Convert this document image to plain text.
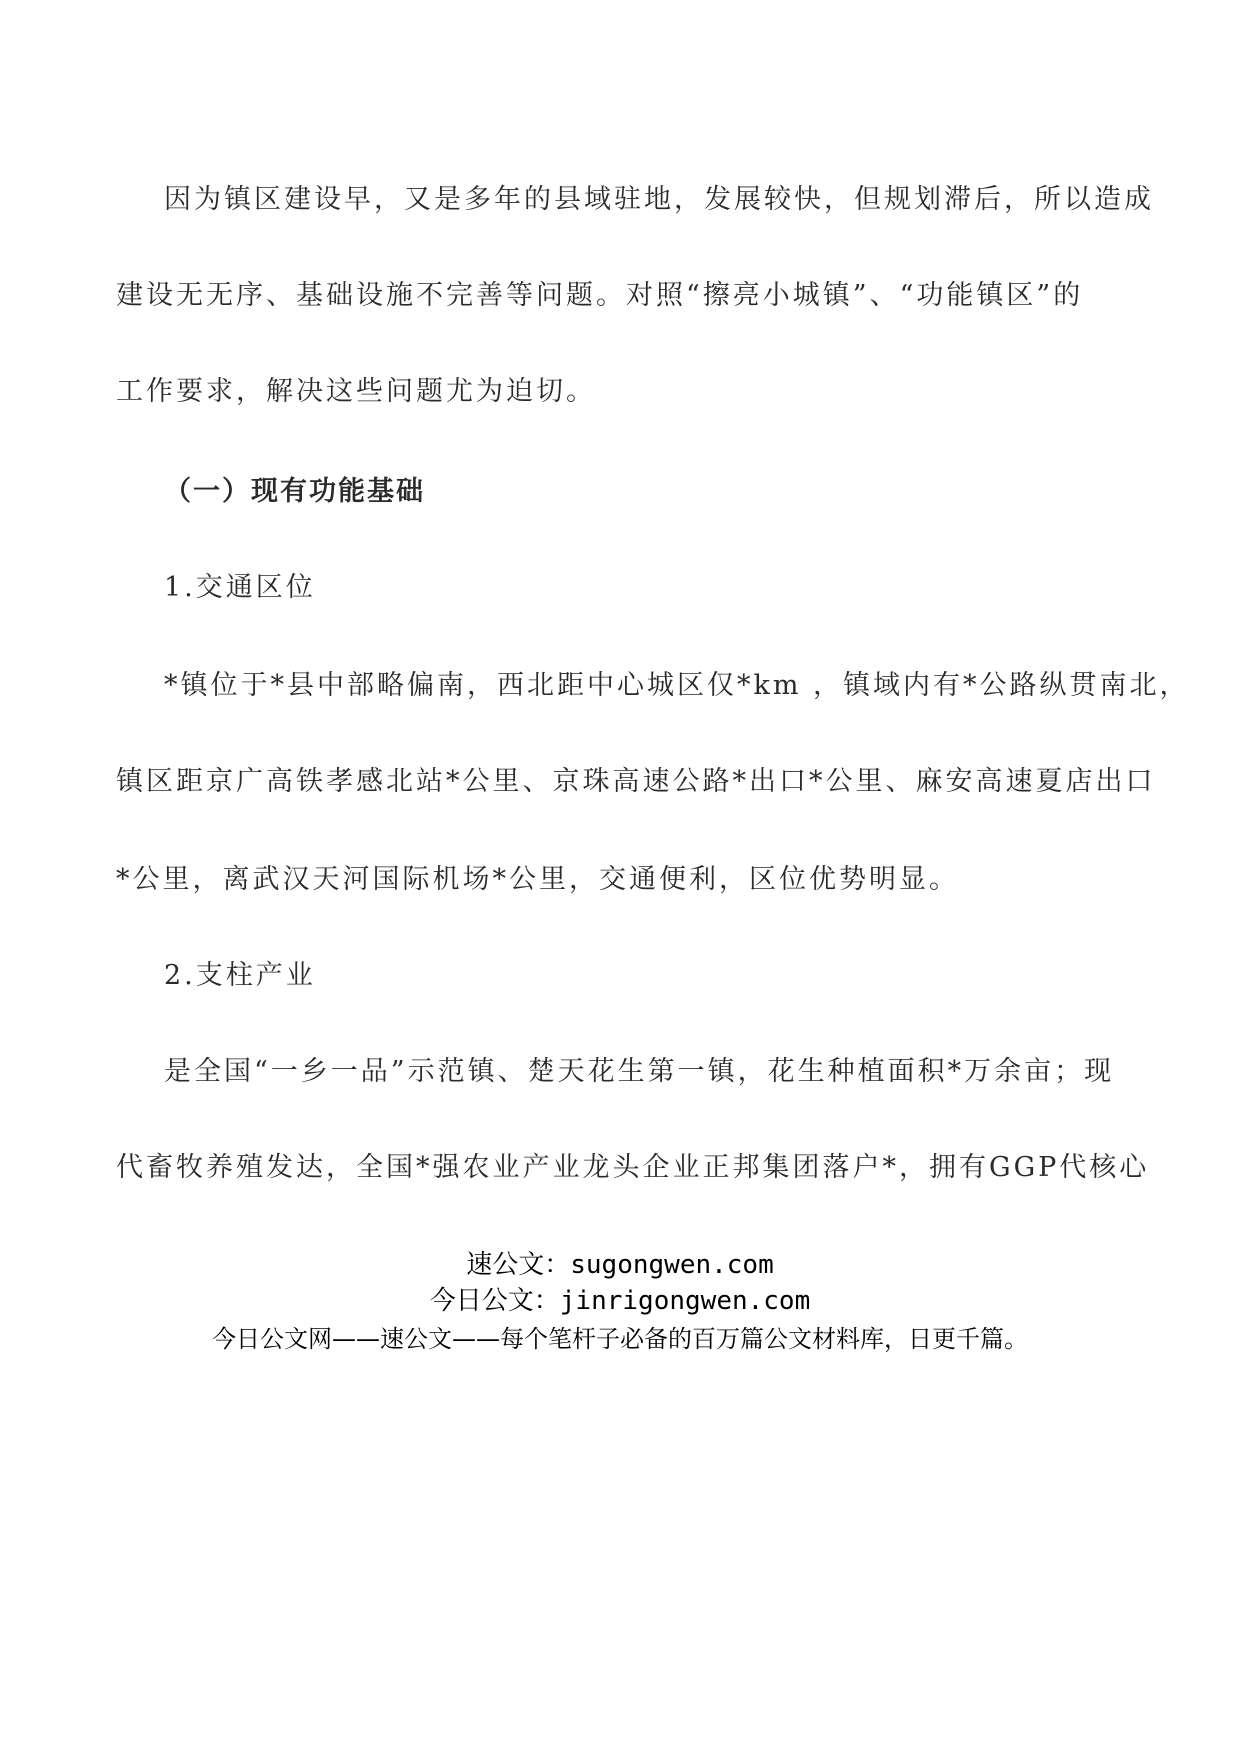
因为镇区建设早，又是多年的县域驻地，发展较快，但规划滞后，所以造成
建设无无序、基础设施不完善等问题。对照“擦亮小城镇”、“功能镇区”的
工作要求，解决这些问题尤为迫切。
（一）现有功能基础
1.交通区位
*镇位于*县中部略偏南，西北距中心城区仅*km ，镇域内有*公路纵贯南北，
镇区距京广高铁孝感北站*公里、京珠高速公路*出口*公里、麻安高速夏店出口
*公里，离武汉天河国际机场*公里，交通便利，区位优势明显。
2.支柱产业
是全国“一乡一品”示范镇、楚天花生第一镇，花生种植面积*万余亩；现
代畜牧养殖发达，全国*强农业产业龙头企业正邦集团落户*，拥有GGP代核心
速公文：sugongwen.com
今日公文：jinrigongwen.com
今日公文网——速公文——每个笔杆子必备的百万篇公文材料库，日更千篇。
